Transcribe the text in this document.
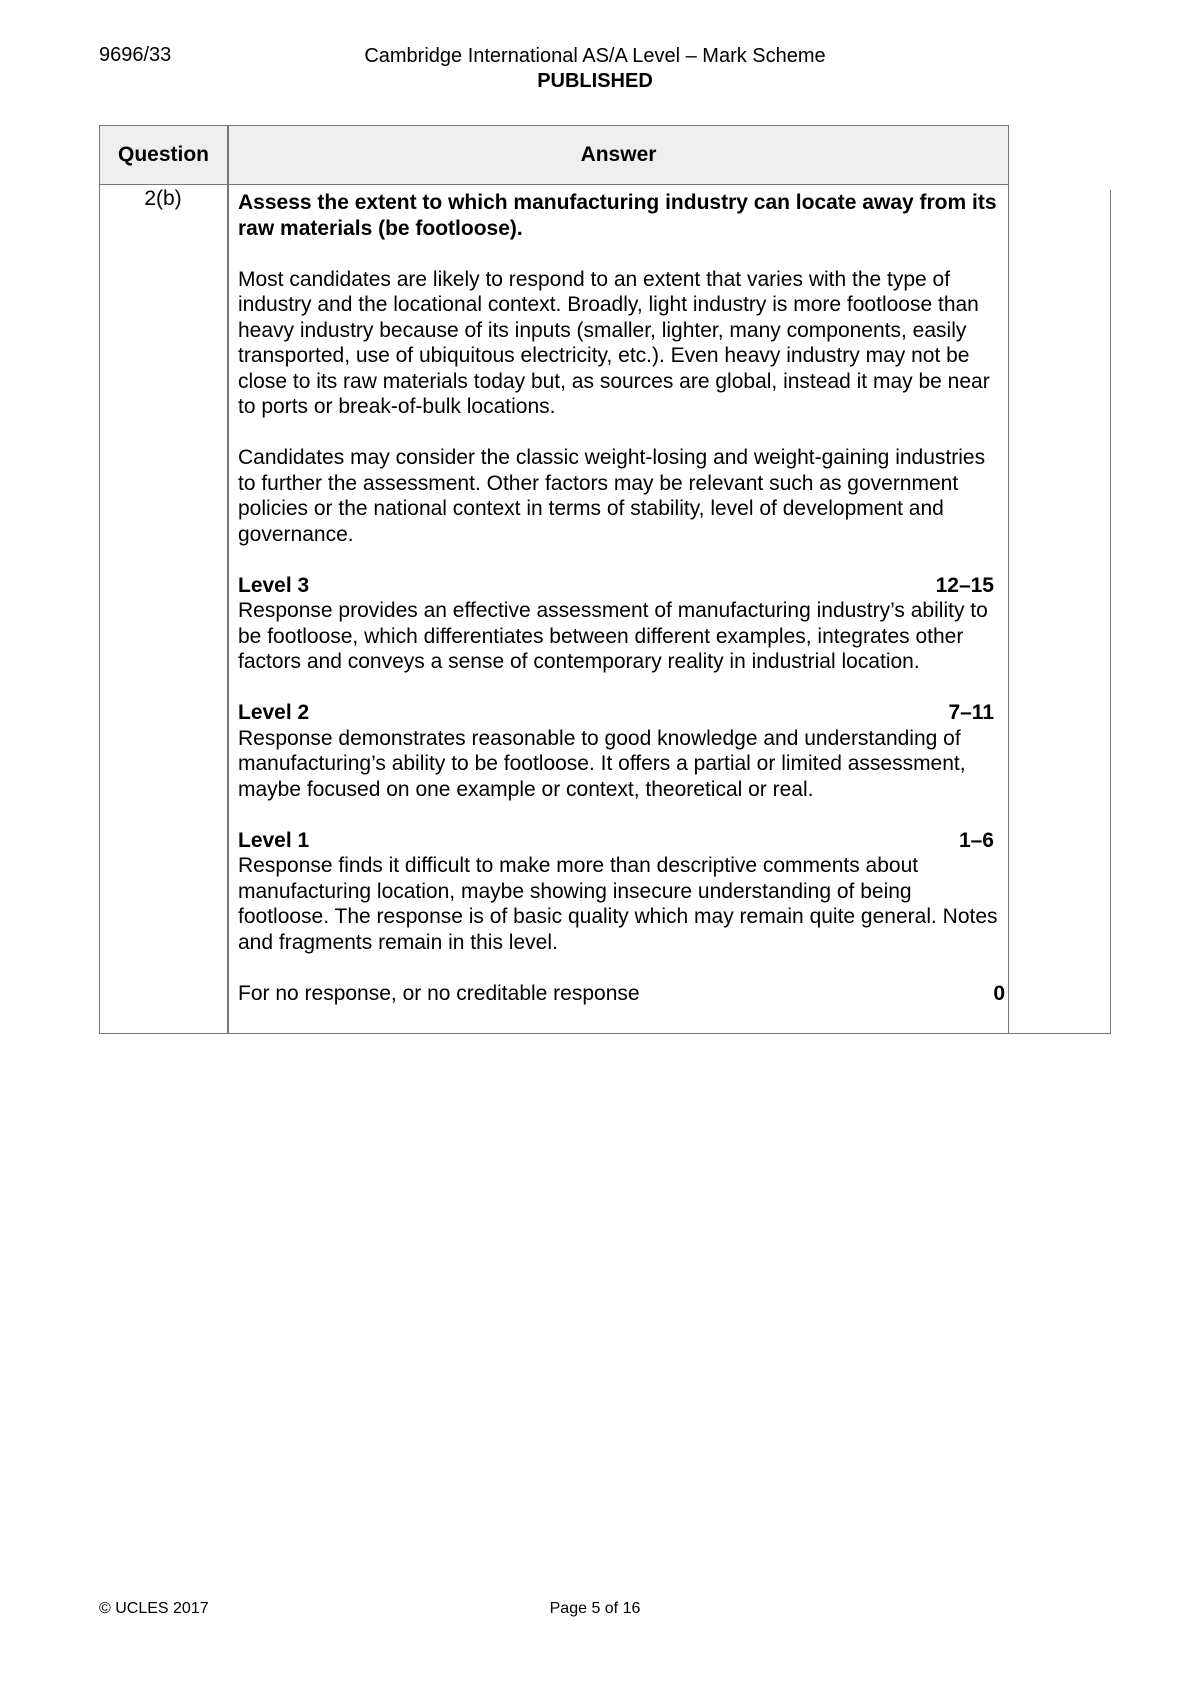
9696/33	Cambridge International AS/A Level – Mark Scheme
PUBLISHED
Question	Answer
2(b)	Assess the extent to which manufacturing industry can locate away from its raw materials (be footloose).

Most candidates are likely to respond to an extent that varies with the type of industry and the locational context. Broadly, light industry is more footloose than heavy industry because of its inputs (smaller, lighter, many components, easily transported, use of ubiquitous electricity, etc.). Even heavy industry may not be close to its raw materials today but, as sources are global, instead it may be near to ports or break-of-bulk locations.

Candidates may consider the classic weight-losing and weight-gaining industries to further the assessment. Other factors may be relevant such as government policies or the national context in terms of stability, level of development and governance.

Level 3	12–15
Response provides an effective assessment of manufacturing industry’s ability to be footloose, which differentiates between different examples, integrates other factors and conveys a sense of contemporary reality in industrial location.
Level 2	7–11
Response demonstrates reasonable to good knowledge and understanding of manufacturing’s ability to be footloose. It offers a partial or limited assessment, maybe focused on one example or context, theoretical or real.
Level 1	1–6
Response finds it difficult to make more than descriptive comments about manufacturing location, maybe showing insecure understanding of being footloose. The response is of basic quality which may remain quite general. Notes and fragments remain in this level.
For no response, or no creditable response	0
© UCLES 2017	Page 5 of 16
